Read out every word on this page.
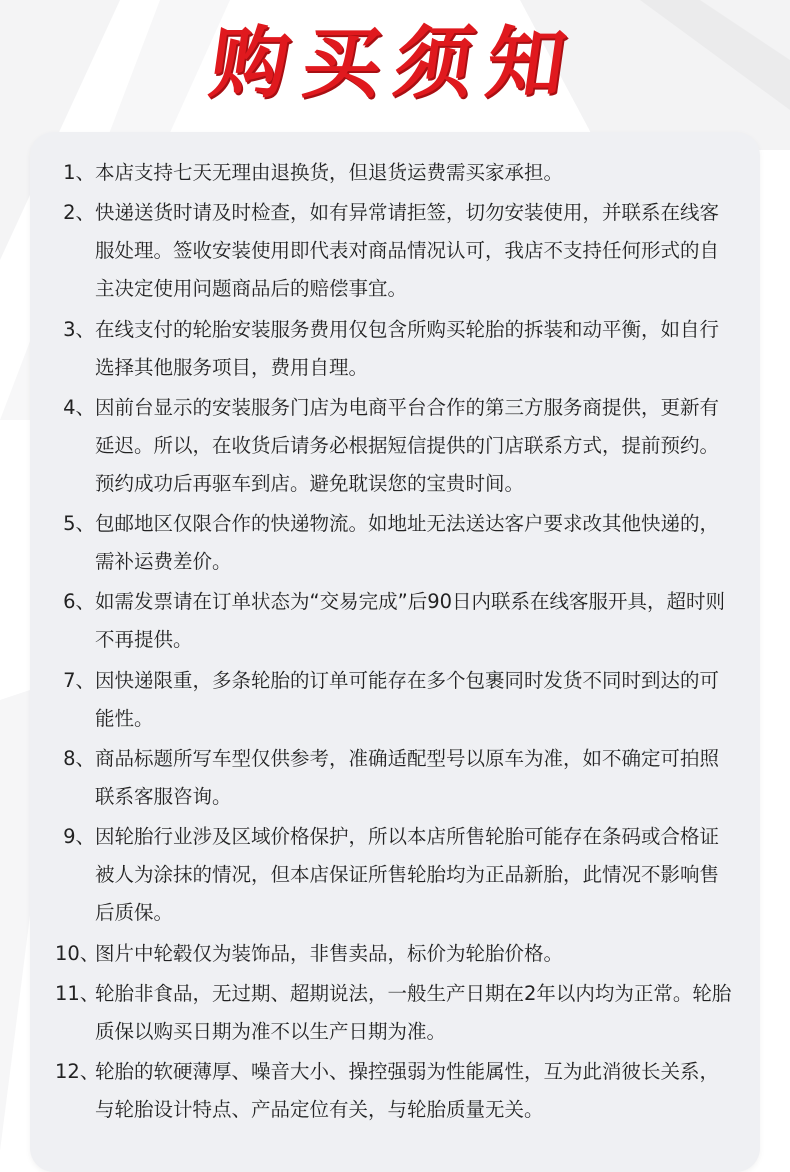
购买须知
1、 本店支持七天无理由退换货，但退货运费需买家承担。
2、 快递送货时请及时检查，如有异常请拒签，切勿安装使用，并联系在线客服处理。签收安装使用即代表对商品情况认可，我店不支持任何形式的自主决定使用问题商品后的赔偿事宜。
3、 在线支付的轮胎安装服务费用仅包含所购买轮胎的拆装和动平衡，如自行选择其他服务项目，费用自理。
4、 因前台显示的安装服务门店为电商平台合作的第三方服务商提供，更新有延迟。所以，在收货后请务必根据短信提供的门店联系方式，提前预约。预约成功后再驱车到店。避免耽误您的宝贵时间。
5、 包邮地区仅限合作的快递物流。如地址无法送达客户要求改其他快递的，需补运费差价。
6、 如需发票请在订单状态为“交易完成”后90日内联系在线客服开具，超时则不再提供。
7、 因快递限重，多条轮胎的订单可能存在多个包裹同时发货不同时到达的可能性。
8、 商品标题所写车型仅供参考，准确适配型号以原车为准，如不确定可拍照联系客服咨询。
9、 因轮胎行业涉及区域价格保护，所以本店所售轮胎可能存在条码或合格证被人为涂抹的情况，但本店保证所售轮胎均为正品新胎，此情况不影响售后质保。
10、
图片中轮毂仅为装饰品，非售卖品，标价为轮胎价格。
11、
轮胎非食品，无过期、超期说法，一般生产日期在2年以内均为正常。轮胎质保以购买日期为准不以生产日期为准。
12、
轮胎的软硬薄厚、噪音大小、操控强弱为性能属性，互为此消彼长关系，与轮胎设计特点、产品定位有关，与轮胎质量无关。
